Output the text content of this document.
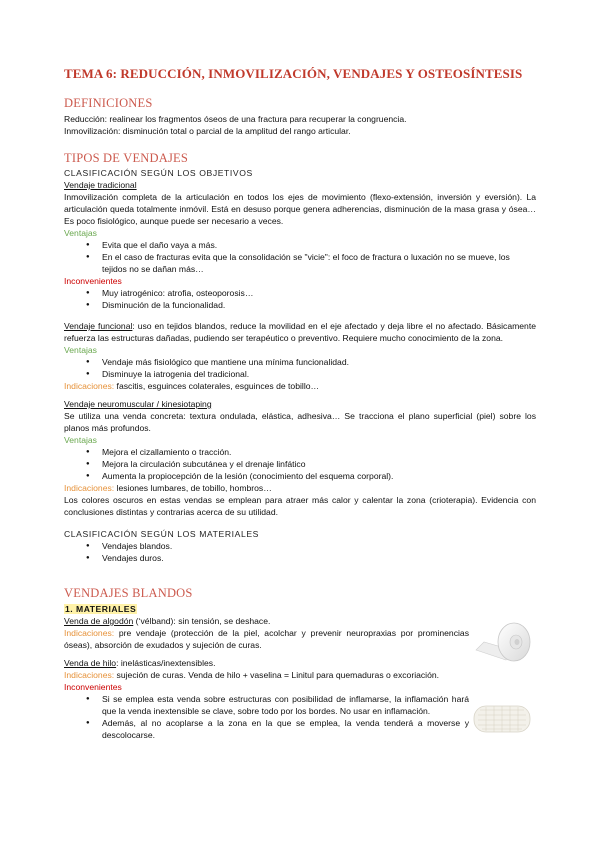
TEMA 6: REDUCCIÓN, INMOVILIZACIÓN, VENDAJES Y OSTEOSÍNTESIS
DEFINICIONES

Reducción: realinear los fragmentos óseos de una fractura para recuperar la congruencia.

Inmovilización: disminución total o parcial de la amplitud del rango articular.

TIPOS DE VENDAJES
CLASIFICACIÓN SEGÚN LOS OBJETIVOS

Vendaje tradicional

Inmovilización completa de la articulación en todos los ejes de movimiento (flexo-extensión, inversión y eversión). La articulación queda totalmente inmóvil. Está en desuso porque genera adherencias, disminución de la masa grasa y ósea… Es poco fisiológico, aunque puede ser necesario a veces.

Ventajas
● Evita que el daño vaya a más.
● En el caso de fracturas evita que la consolidación se "vicie": el foco de fractura o luxación no se mueve, los tejidos no se dañan más…
Inconvenientes
● Muy iatrogénico: atrofia, osteoporosis…
● Disminución de la funcionalidad.

Vendaje funcional: uso en tejidos blandos, reduce la movilidad en el eje afectado y deja libre el no afectado. Básicamente refuerza las estructuras dañadas, pudiendo ser terapéutico o preventivo. Requiere mucho conocimiento de la zona.

Ventajas
● Vendaje más fisiológico que mantiene una mínima funcionalidad.
● Disminuye la iatrogenia del tradicional.

Indicaciones: fascitis, esguinces colaterales, esguinces de tobillo…

Vendaje neuromuscular / kinesiotaping

Se utiliza una venda concreta: textura ondulada, elástica, adhesiva… Se tracciona el plano superficial (piel) sobre los planos más profundos.

Ventajas
● Mejora el cizallamiento o tracción.
● Mejora la circulación subcutánea y el drenaje linfático
● Aumenta la propiocepción de la lesión (conocimiento del esquema corporal).

Indicaciones: lesiones lumbares, de tobillo, hombros…

Los colores oscuros en estas vendas se emplean para atraer más calor y calentar la zona (crioterapia). Evidencia con conclusiones distintas y contrarias acerca de su utilidad.

CLASIFICACIÓN SEGÚN LOS MATERIALES
● Vendajes blandos.
● Vendajes duros.
VENDAJES BLANDOS
1. MATERIALES

Venda de algodón (‘vélband): sin tensión, se deshace.

Indicaciones: pre vendaje (protección de la piel, acolchar y prevenir neuropraxias por prominencias óseas), absorción de exudados y sujeción de curas.

Venda de hilo: inelásticas/inextensibles.

Indicaciones: sujeción de curas. Venda de hilo + vaselina = Linitul para quemaduras o excoriación.

Inconvenientes
● Si se emplea esta venda sobre estructuras con posibilidad de inflamarse, la inflamación hará que la venda inextensible se clave, sobre todo por los bordes. No usar en inflamación.
● Además, al no acoplarse a la zona en la que se emplea, la venda tenderá a moverse y descolocarse.
